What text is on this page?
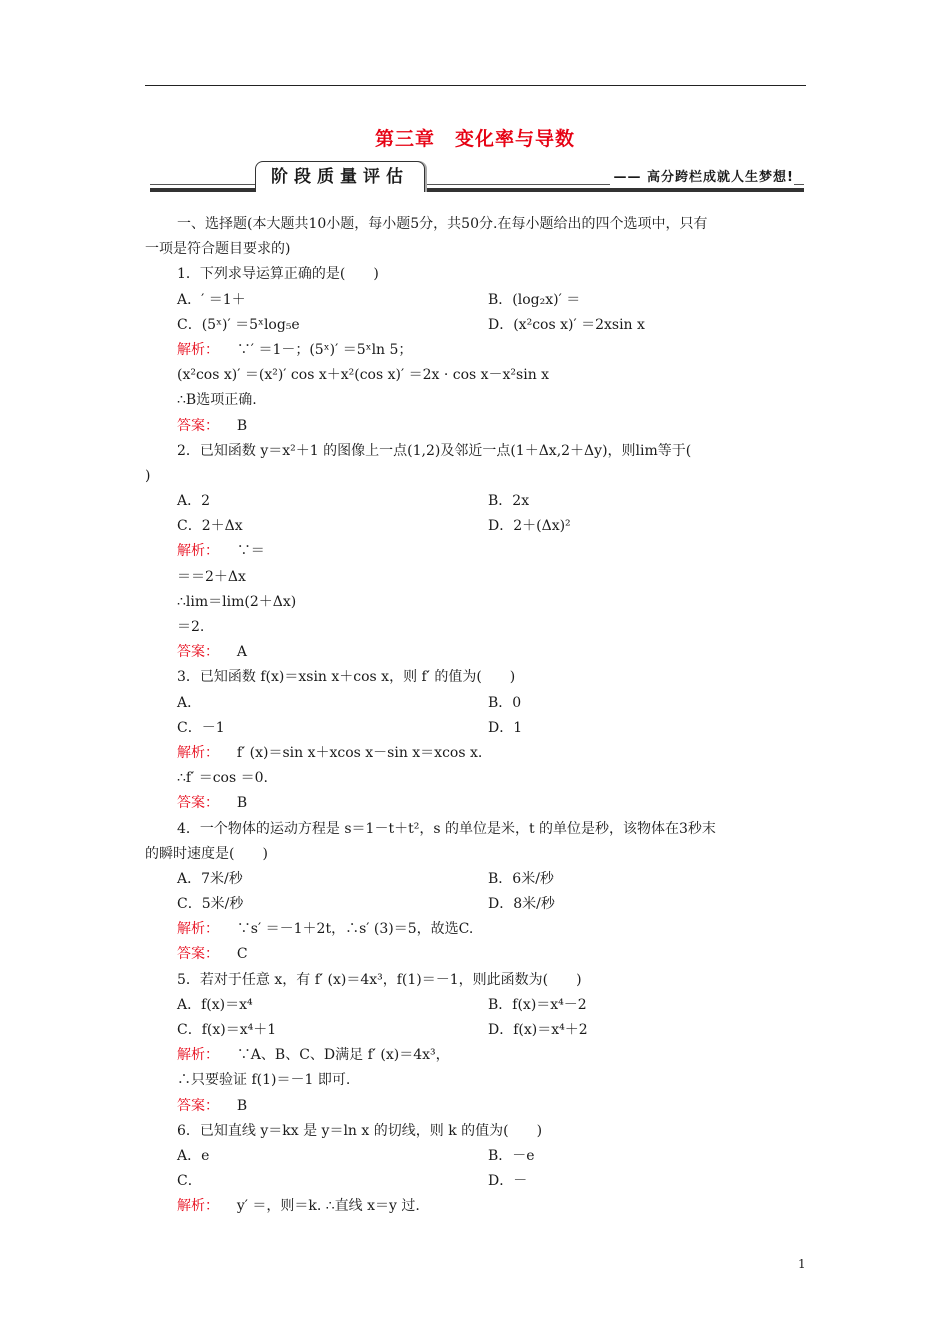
第三章　变化率与导数
阶段质量评估	—— 高分跨栏成就人生梦想!
一、选择题(本大题共10小题，每小题5分，共50分.在每小题给出的四个选项中，只有
一项是符合题目要求的)
1．下列求导运算正确的是(　　)
A．′ ＝1＋	B．(log₂x)′ ＝
C．(5ˣ)′ ＝5ˣlog₅e	D．(x²cos x)′ ＝2xsin x
解析： ∵′ ＝1－；(5ˣ)′ ＝5ˣln 5；
(x²cos x)′ ＝(x²)′ cos x＋x²(cos x)′ ＝2x · cos x－x²sin x
∴B选项正确.
答案： B
2．已知函数 y＝x²＋1 的图像上一点(1,2)及邻近一点(1＋Δx,2＋Δy)，则lim等于(
)
A．2	B．2x
C．2＋Δx	D．2＋(Δx)²
解析： ∵＝
＝＝2＋Δx
∴lim＝lim(2＋Δx)
＝2.
答案： A
3．已知函数 f(x)＝xsin x＋cos x，则 f′ 的值为(　　)
A．	B．0
C．－1	D．1
解析： f′ (x)＝sin x＋xcos x－sin x＝xcos x.
∴f′ ＝cos ＝0.
答案： B
4．一个物体的运动方程是 s＝1－t＋t²，s 的单位是米，t 的单位是秒，该物体在3秒末
的瞬时速度是(　　)
A．7米/秒	B．6米/秒
C．5米/秒	D．8米/秒
解析： ∵s′ ＝－1＋2t，∴s′ (3)＝5，故选C.
答案： C
5．若对于任意 x，有 f′ (x)＝4x³，f(1)＝－1，则此函数为(　　)
A．f(x)＝x⁴	B．f(x)＝x⁴－2
C．f(x)＝x⁴＋1	D．f(x)＝x⁴＋2
解析： ∵A、B、C、D满足 f′ (x)＝4x³，
∴只要验证 f(1)＝－1 即可.
答案： B
6．已知直线 y＝kx 是 y＝ln x 的切线，则 k 的值为(　　)
A．e	B．－e
C．	D．－
解析： y′ ＝，则＝k. ∴直线 x＝y 过.
1
